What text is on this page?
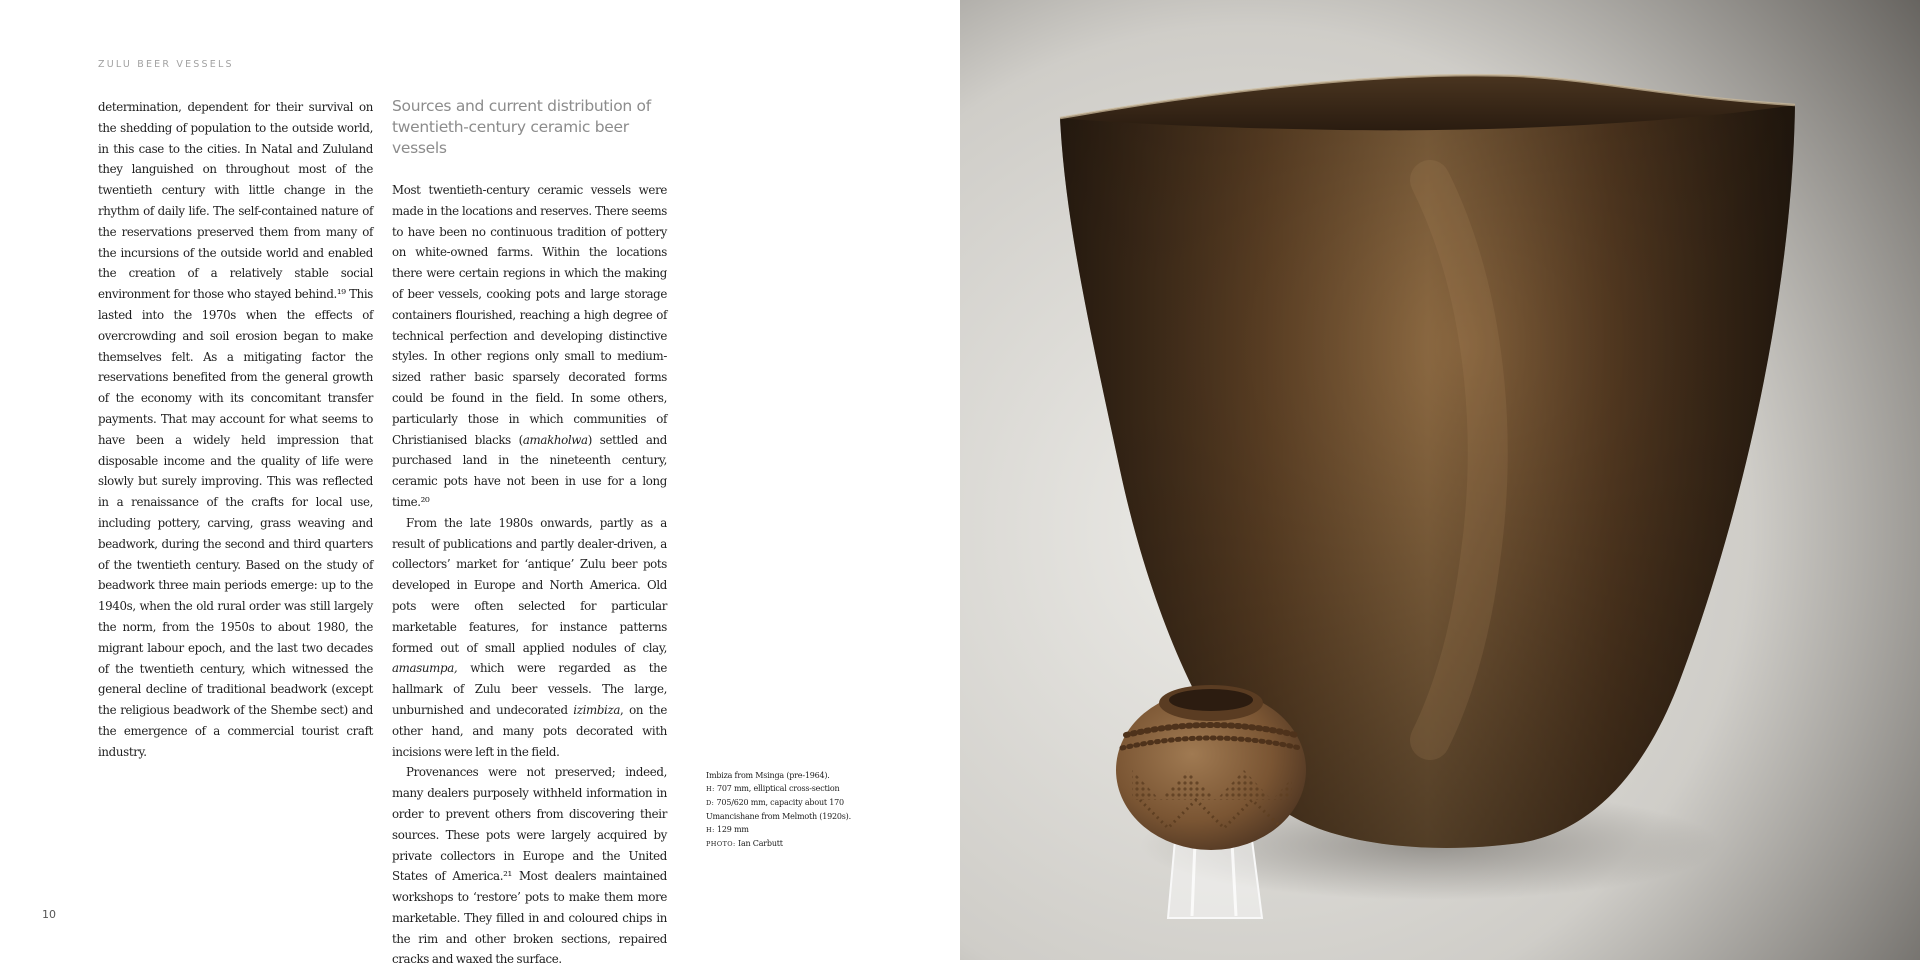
ZULU BEER VESSELS

determination, dependent for their survival on the shedding of population to the outside world, in this case to the cities. In Natal and Zululand they languished on throughout most of the twentieth century with little change in the rhythm of daily life. The self-contained nature of the reservations preserved them from many of the incursions of the outside world and enabled the creation of a relatively stable social environment for those who stayed behind.¹⁹ This lasted into the 1970s when the effects of overcrowding and soil erosion began to make themselves felt. As a mitigating factor the reservations benefited from the general growth of the economy with its concomitant transfer payments. That may account for what seems to have been a widely held impression that disposable income and the quality of life were slowly but surely improving. This was reflected in a renaissance of the crafts for local use, including pottery, carving, grass weaving and beadwork, during the second and third quarters of the twentieth century. Based on the study of beadwork three main periods emerge: up to the 1940s, when the old rural order was still largely the norm, from the 1950s to about 1980, the migrant labour epoch, and the last two decades of the twentieth century, which witnessed the general decline of traditional beadwork (except the religious beadwork of the Shembe sect) and the emergence of a commercial tourist craft industry.

Sources and current distribution of twentieth-century ceramic beer vessels

Most twentieth-century ceramic vessels were made in the locations and reserves. There seems to have been no continuous tradition of pottery on white-owned farms. Within the locations there were certain regions in which the making of beer vessels, cooking pots and large storage containers flourished, reaching a high degree of technical perfection and developing distinctive styles. In other regions only small to medium-sized rather basic sparsely decorated forms could be found in the field. In some others, particularly those in which communities of Christianised blacks (amakholwa) settled and purchased land in the nineteenth century, ceramic pots have not been in use for a long time.²⁰

From the late 1980s onwards, partly as a result of publications and partly dealer-driven, a collectors’ market for ‘antique’ Zulu beer pots developed in Europe and North America. Old pots were often selected for particular marketable features, for instance patterns formed out of small applied nodules of clay, amasumpa, which were regarded as the hallmark of Zulu beer vessels. The large, unburnished and undecorated izimbiza, on the other hand, and many pots decorated with incisions were left in the field.

Provenances were not preserved; indeed, many dealers purposely withheld information in order to prevent others from discovering their sources. These pots were largely acquired by private collectors in Europe and the United States of America.²¹ Most dealers maintained workshops to ‘restore’ pots to make them more marketable. They filled in and coloured chips in the rim and other broken sections, repaired cracks and waxed the surface.

Imbiza from Msinga (pre-1964).
H: 707 mm, elliptical cross-section
D: 705/620 mm, capacity about 170
Umancishane from Melmoth (1920s).
H: 129 mm
PHOTO: Ian Carbutt
10
